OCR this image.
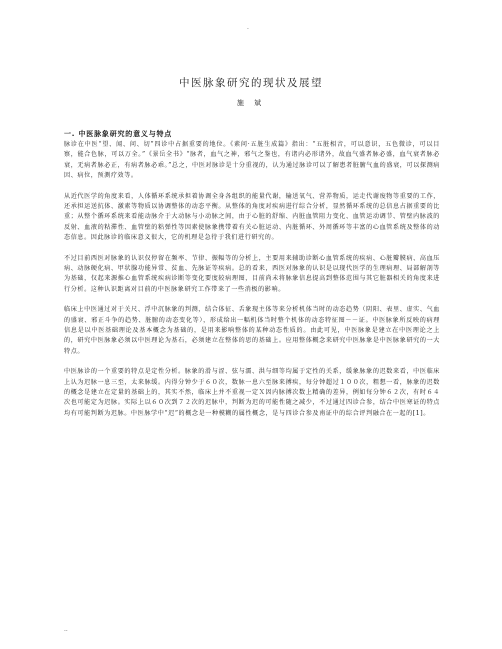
·
中医脉象研究的现状及展望
施 斌
一. 中医脉象研究的意义与特点

脉诊在中医“望、闻、问、切”四诊中占据重要的地位。《素问·五脏生成篇》指出：“五脏相音，可以意识，五色微诊，可以目察，能合色脉，可以万全。”《景岳全书》“脉者，血气之神，邪气之鉴也，有诸内必形诸外，故血气盛者脉必盛，血气衰者脉必衰，无病者脉必正，有病者脉必乖。”总之，中医对脉诊是十分重视的，认为通过脉诊可以了解患者脏腑气血的盛衰，可以探测病因、病位，预测疗效等。

从近代医学的角度来看，人体循环系统承担着协调全身各组织的能量代谢，输送氧气、营养物质，运走代谢废物等重要的工作，还承担运送抗体、激素等物质以协调整体的动态平衡。从整体的角度对疾病进行综合分析，显然循环系统的总信息占据重要的比重；从整个循环系统来看能动脉介于大动脉与小动脉之间，由于心脏的舒缩、内脏血管阻力变化、血管运动调节、管壁内脉波的反射、血液的粘滞性、血管壁的粘弹性等因素使脉象携带着有关心脏运动、内脏循环、外周循环等丰富的心血管系统及整体的动态信息。因此脉诊的临床意义很大，它的机理是急待于我们进行研究的。

不过目前西医对脉象的认识仅停留在频率、节律、振幅等的分析上，主要用来辅助诊断心血管系统的疾病、心脏瓣膜病、高血压病、动脉硬化病、甲状腺功能异常、贫血、先脉证等疾病。总的看来，西医对脉象的认识是以现代医学的生理病理、局部解剖等为基础，仅起来源推心血管系统疾病诊断等变化要度较病理图，目前尚未将脉象信息提高到整体范围与其它脏器相关的角度来进行分析。这种认识距离对目前的中医脉象研究工作带来了一些消极的影响。

临床上中医通过对于关尺、浮中沉脉象的判测，结合体征、舌象现主体等来分析机体当时的动态趋势（阴阳、表里、虚实、气血的盛衰、邪正斗争的趋势、脏腑的动态变化等），形成给出一幅机体当时整个机体的动态特征图－－证。中医脉象所反映的病理信息是以中医基础理论及基本概念为基础的，是用来影响整体的某种动态性质的。由此可见，中医脉象是建立在中医理论之上的，研究中医脉象必须以中医理论为基石，必须建立在整体的思的基础上。应用整体概念来研究中医脉象是中医脉象研究的一大特点。

中医脉诊的一个重要的特点是定性分析。脉象的滑与涩、弦与濡、洪与细等均属于定性的关系，缓象脉象的迟数来看，中医临床上认为迟脉一息三至，太来脉缓。内得分钟少于６０次，数脉一息六至脉来搏疾，每分钟超过１００次，粗想一看，脉象的迟数的概念是建立在定量的基础上的，其实不然，临床上并不重视一定Ｘ因内脉搏次数上精确的差异，例如每分钟６２次，有时６４次也可能定为迟脉。实际上以６０次到７２次的迟脉中，判断为迟的可能性随之减少，不过通过四诊合参，结合中医寒证的特点均有可能判断为迟脉。中医脉学中“迟”的概念是一种模糊的属性概念，是与四诊合参及南证中的综合评判融合在一起的[1]。

..
